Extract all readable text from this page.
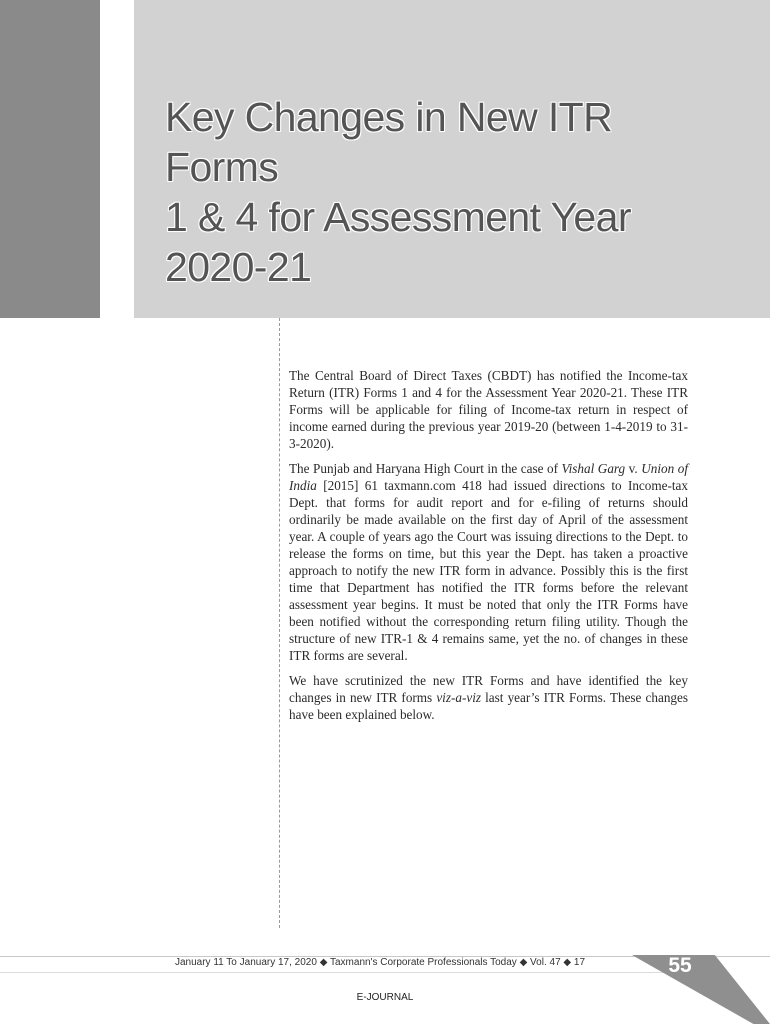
Key Changes in New ITR Forms
1 & 4 for Assessment Year
2020-21

The Central Board of Direct Taxes (CBDT) has notified the Income-tax Return (ITR) Forms 1 and 4 for the Assessment Year 2020-21. These ITR Forms will be applicable for filing of Income-tax return in respect of income earned during the previous year 2019-20 (between 1-4-2019 to 31-3-2020).

The Punjab and Haryana High Court in the case of Vishal Garg v. Union of India [2015] 61 taxmann.com 418 had issued directions to Income-tax Dept. that forms for audit report and for e-filing of returns should ordinarily be made available on the first day of April of the assessment year. A couple of years ago the Court was issuing directions to the Dept. to release the forms on time, but this year the Dept. has taken a proactive approach to notify the new ITR form in advance. Possibly this is the first time that Department has notified the ITR forms before the relevant assessment year begins. It must be noted that only the ITR Forms have been notified without the corresponding return filing utility. Though the structure of new ITR-1 & 4 remains same, yet the no. of changes in these ITR forms are several.

We have scrutinized the new ITR Forms and have identified the key changes in new ITR forms viz-a-viz last year’s ITR Forms. These changes have been explained below.

January 11 To January 17, 2020 ◆ Taxmann's Corporate Professionals Today ◆ Vol. 47 ◆ 17	55
E-JOURNAL
